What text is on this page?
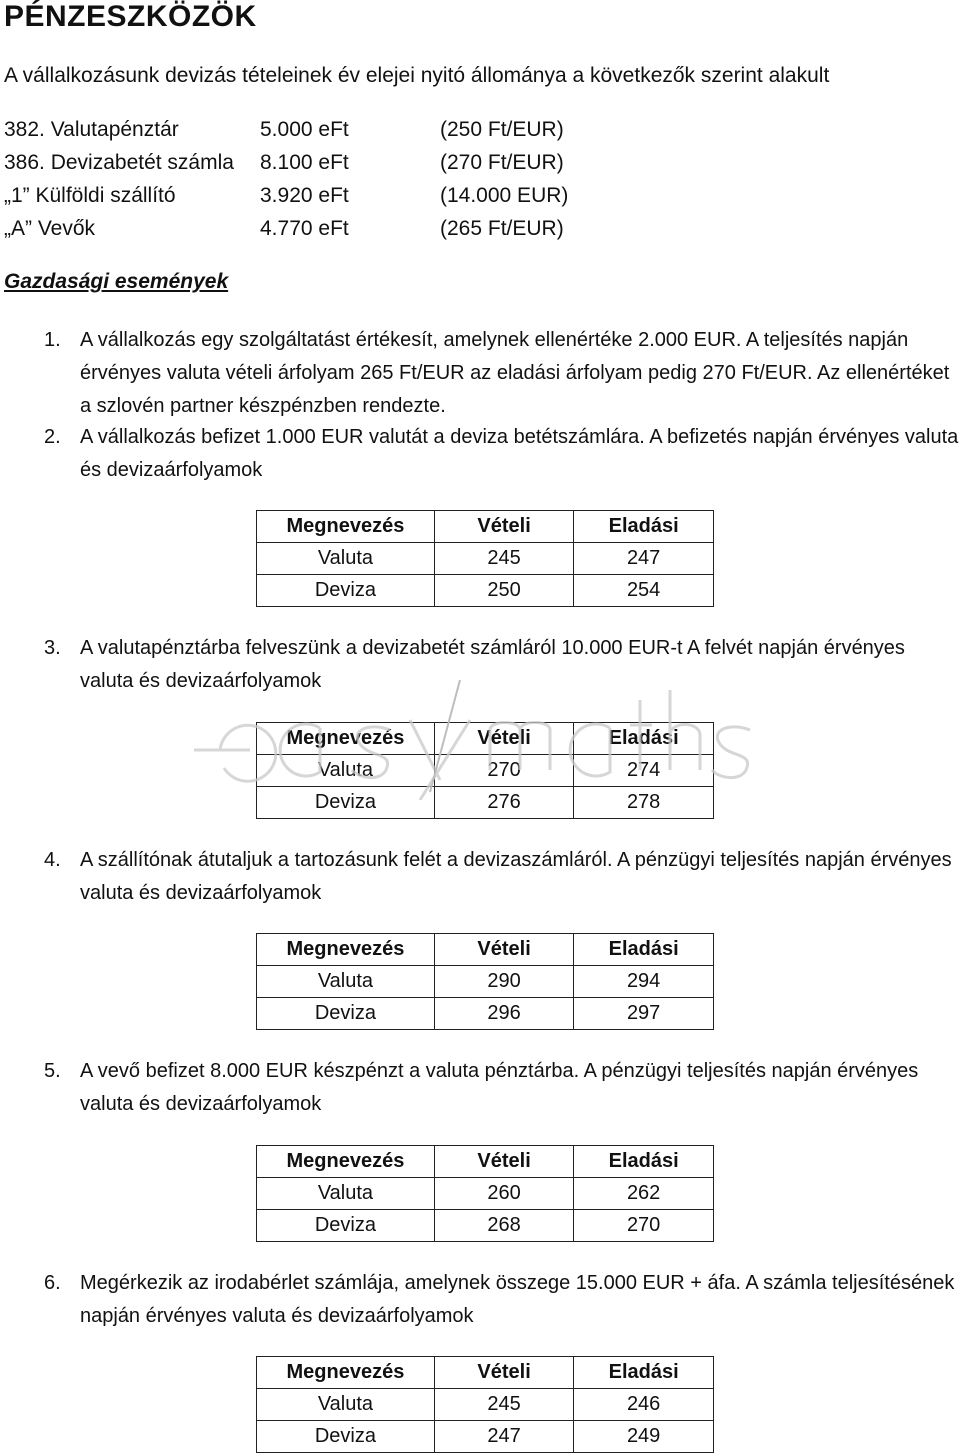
PÉNZESZKÖZÖK
A vállalkozásunk devizás tételeinek év elejei nyitó állománya a következők szerint alakult
382. Valutapénztár	5.000 eFt	(250 Ft/EUR)
386. Devizabetét számla 8.100 eFt	(270 Ft/EUR)
„1” Külföldi szállító	3.920 eFt	(14.000 EUR)
„A” Vevők	4.770 eFt	(265 Ft/EUR)
Gazdasági események
1. A vállalkozás egy szolgáltatást értékesít, amelynek ellenértéke 2.000 EUR. A teljesítés napján érvényes valuta vételi árfolyam 265 Ft/EUR az eladási árfolyam pedig 270 Ft/EUR. Az ellenértéket a szlovén partner készpénzben rendezte.
2. A vállalkozás befizet 1.000 EUR valutát a deviza betétszámlára. A befizetés napján érvényes valuta és devizaárfolyamok
Megnevezés	Vételi	Eladási
Valuta	245	247
Deviza	250	254
3. A valutapénztárba felveszünk a devizabetét számláról 10.000 EUR-t A felvét napján érvényes valuta és devizaárfolyamok
Megnevezés	Vételi	Eladási
Valuta	270	274
Deviza	276	278
4. A szállítónak átutaljuk a tartozásunk felét a devizaszámláról. A pénzügyi teljesítés napján érvényes valuta és devizaárfolyamok
Megnevezés	Vételi	Eladási
Valuta	290	294
Deviza	296	297
5. A vevő befizet 8.000 EUR készpénzt a valuta pénztárba. A pénzügyi teljesítés napján érvényes valuta és devizaárfolyamok
Megnevezés	Vételi	Eladási
Valuta	260	262
Deviza	268	270
6. Megérkezik az irodabérlet számlája, amelynek összege 15.000 EUR + áfa. A számla teljesítésének napján érvényes valuta és devizaárfolyamok
Megnevezés	Vételi	Eladási
Valuta	245	246
Deviza	247	249
